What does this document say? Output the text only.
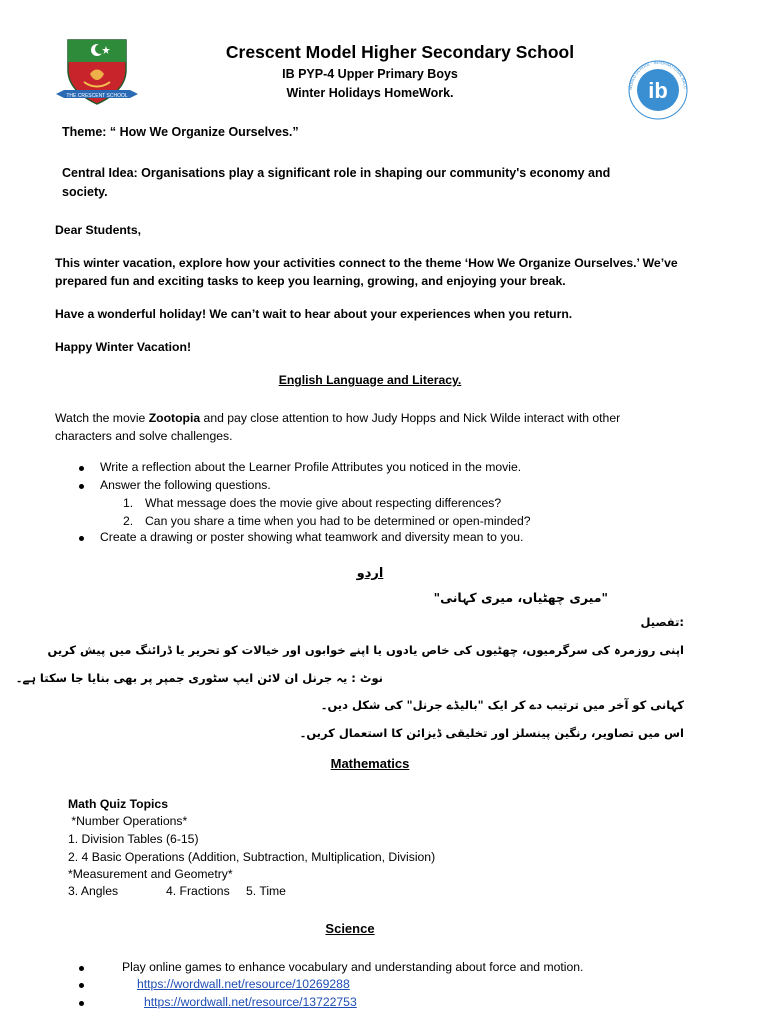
THE CRESCENT SCHOOL	ib
WORLD SCHOOL · INTERNATIONAL BACC
Crescent Model Higher Secondary School
IB PYP-4 Upper Primary Boys
Winter Holidays HomeWork.
Theme: “ How We Organize Ourselves.”
Central Idea: Organisations play a significant role in shaping our community's economy and
society.
Dear Students,
This winter vacation, explore how your activities connect to the theme ‘How We Organize Ourselves.’ We’ve
prepared fun and exciting tasks to keep you learning, growing, and enjoying your break.
Have a wonderful holiday! We can’t wait to hear about your experiences when you return.
Happy Winter Vacation!
English Language and Literacy.
Watch the movie Zootopia and pay close attention to how Judy Hopps and Nick Wilde interact with other
characters and solve challenges.
Write a reflection about the Learner Profile Attributes you noticed in the movie.
Answer the following questions.
1. What message does the movie give about respecting differences?
2. Can you share a time when you had to be determined or open-minded?
Create a drawing or poster showing what teamwork and diversity mean to you.
اردو
"میری چھٹیاں، میری کہانی"
:تفصیل
اپنی روزمرہ کی سرگرمیوں، چھٹیوں کی خاص یادوں یا اپنے خوابوں اور خیالات کو تحریر یا ڈرائنگ میں پیش کریں
نوٹ : یہ جرنل ان لائن ایپ سٹوری جمپر پر بھی بنایا جا سکتا ہے۔
کہانی کو آخر میں ترتیب دے کر ایک "بالیڈے جرنل" کی شکل دیں۔
اس میں تصاویر، رنگین پینسلز اور تخلیقی ڈیزائن کا استعمال کریں۔
Mathematics
Math Quiz Topics
*Number Operations*
1. Division Tables (6-15)
2. 4 Basic Operations (Addition, Subtraction, Multiplication, Division)
*Measurement and Geometry*
3. Angles	4. Fractions 5. Time
Science
Play online games to enhance vocabulary and understanding about force and motion.
https://wordwall.net/resource/10269288
https://wordwall.net/resource/13722753
